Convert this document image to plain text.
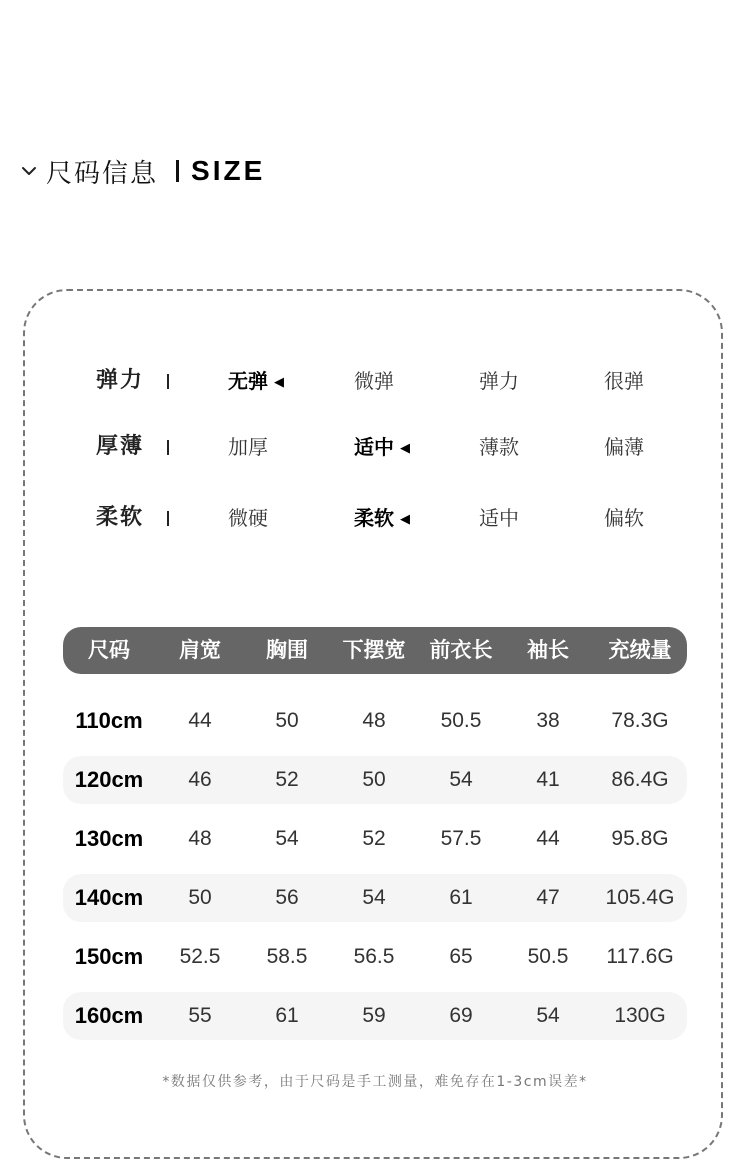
尺码信息 SIZE
弹力	无弹 ◀	微弹	弹力	很弹
厚薄	加厚	适中 ◀	薄款	偏薄
柔软	微硬	柔软 ◀	适中	偏软
尺码 肩宽 胸围 下摆宽 前衣长 袖长 充绒量
110cm 44	50	48	50.5	38 78.3G
120cm 46	52	50	54	41 86.4G
130cm 48	54	52	57.5	44 95.8G
140cm 50	56	54	61	47 105.4G
150cm 52.5 58.5 56.5	65	50.5 117.6G
160cm 55	61	59	69	54	130G
*数据仅供参考，由于尺码是手工测量，难免存在1-3cm误差*
